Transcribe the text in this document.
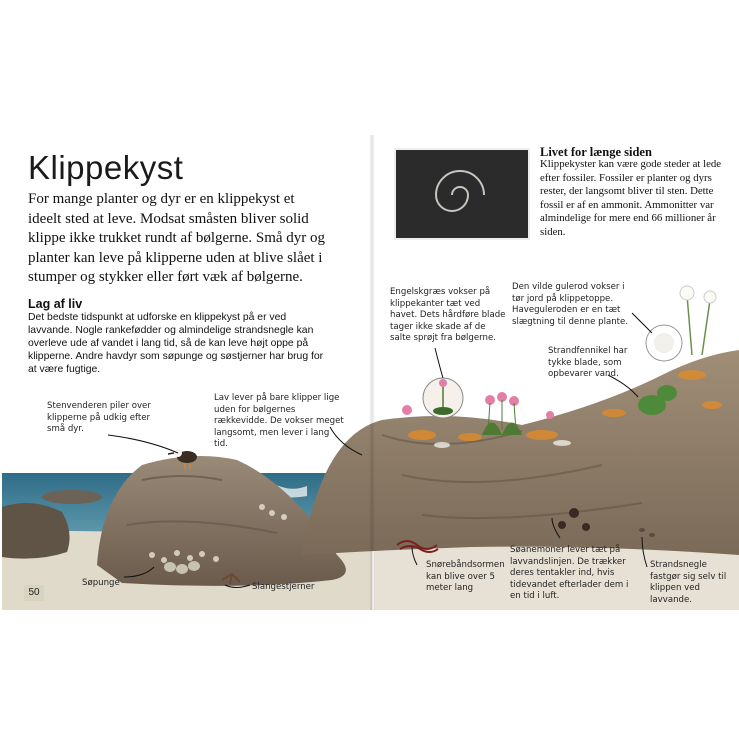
Klippekyst
For mange planter og dyr er en klippekyst et ideelt sted at leve. Modsat småsten bliver solid klippe ikke trukket rundt af bølgerne. Små dyr og planter kan leve på klipperne uden at blive slået i stumper og stykker eller ført væk af bølgerne.
Lag af liv
Det bedste tidspunkt at udforske en klippekyst på er ved lavvande. Nogle rankefødder og almindelige strandsnegle kan overleve ude af vandet i lang tid, så de kan leve højt oppe på klipperne. Andre havdyr som søpunge og søstjerner har brug for at være fugtige.
Stenvenderen piler over klipperne på udkig efter små dyr.
Lav lever på bare klipper lige uden for bølgernes rækkevidde. De vokser meget langsomt, men lever i lang tid.
Søpunge	Slangestjerner
50
Livet for længe siden
Klippekyster kan være gode steder at lede efter fossiler. Fossiler er planter og dyrs rester, der langsomt bliver til sten. Dette fossil er af en ammonit. Ammonitter var almindelige for mere end 66 millioner år siden.
Engelskgræs vokser på klippekanter tæt ved havet. Dets hårdføre blade tager ikke skade af de salte sprøjt fra bølgerne.
Den vilde gulerod vokser i tør jord på klippetoppe. Haveguleroden er en tæt slægtning til denne plante.
Strandfennikel har tykke blade, som opbevarer vand.
Snørebåndsormen kan blive over 5 meter lang
Søanemoner lever tæt på lavvandslinjen. De trækker deres tentakler ind, hvis tidevandet efterlader dem i en tid i luft.
Strandsnegle fastgør sig selv til klippen ved lavvande.
